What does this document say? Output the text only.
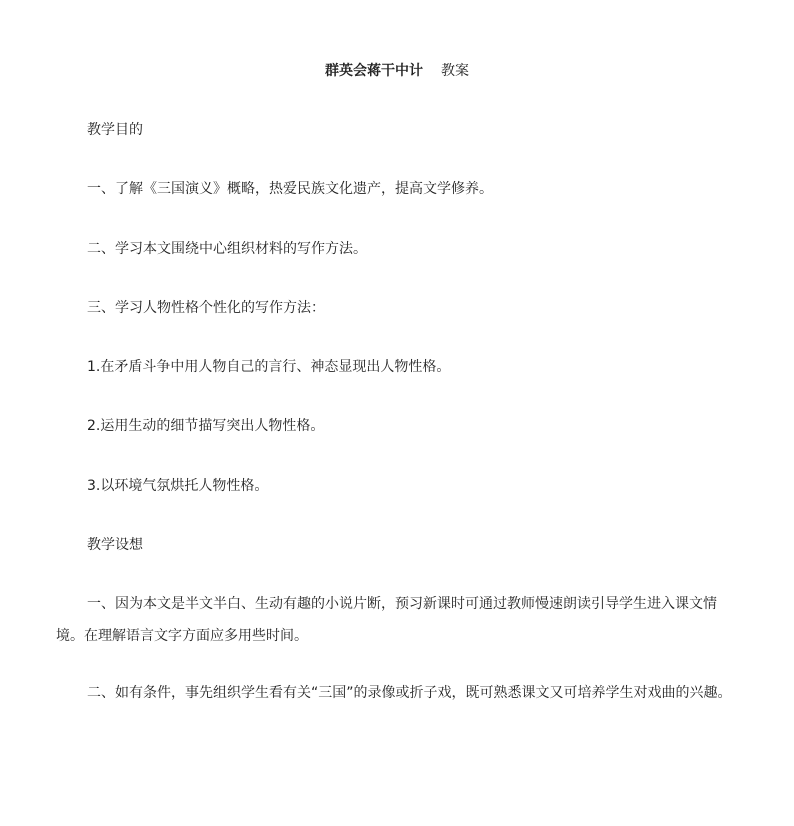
群英会蒋干中计 教案

教学目的

一、了解《三国演义》概略，热爱民族文化遗产，提高文学修养。

二、学习本文围绕中心组织材料的写作方法。

三、学习人物性格个性化的写作方法：

1.在矛盾斗争中用人物自己的言行、神态显现出人物性格。

2.运用生动的细节描写突出人物性格。

3.以环境气氛烘托人物性格。

教学设想

一、因为本文是半文半白、生动有趣的小说片断，预习新课时可通过教师慢速朗读引导学生进入课文情境。在理解语言文字方面应多用些时间。

二、如有条件，事先组织学生看有关“三国”的录像或折子戏，既可熟悉课文又可培养学生对戏曲的兴趣。
